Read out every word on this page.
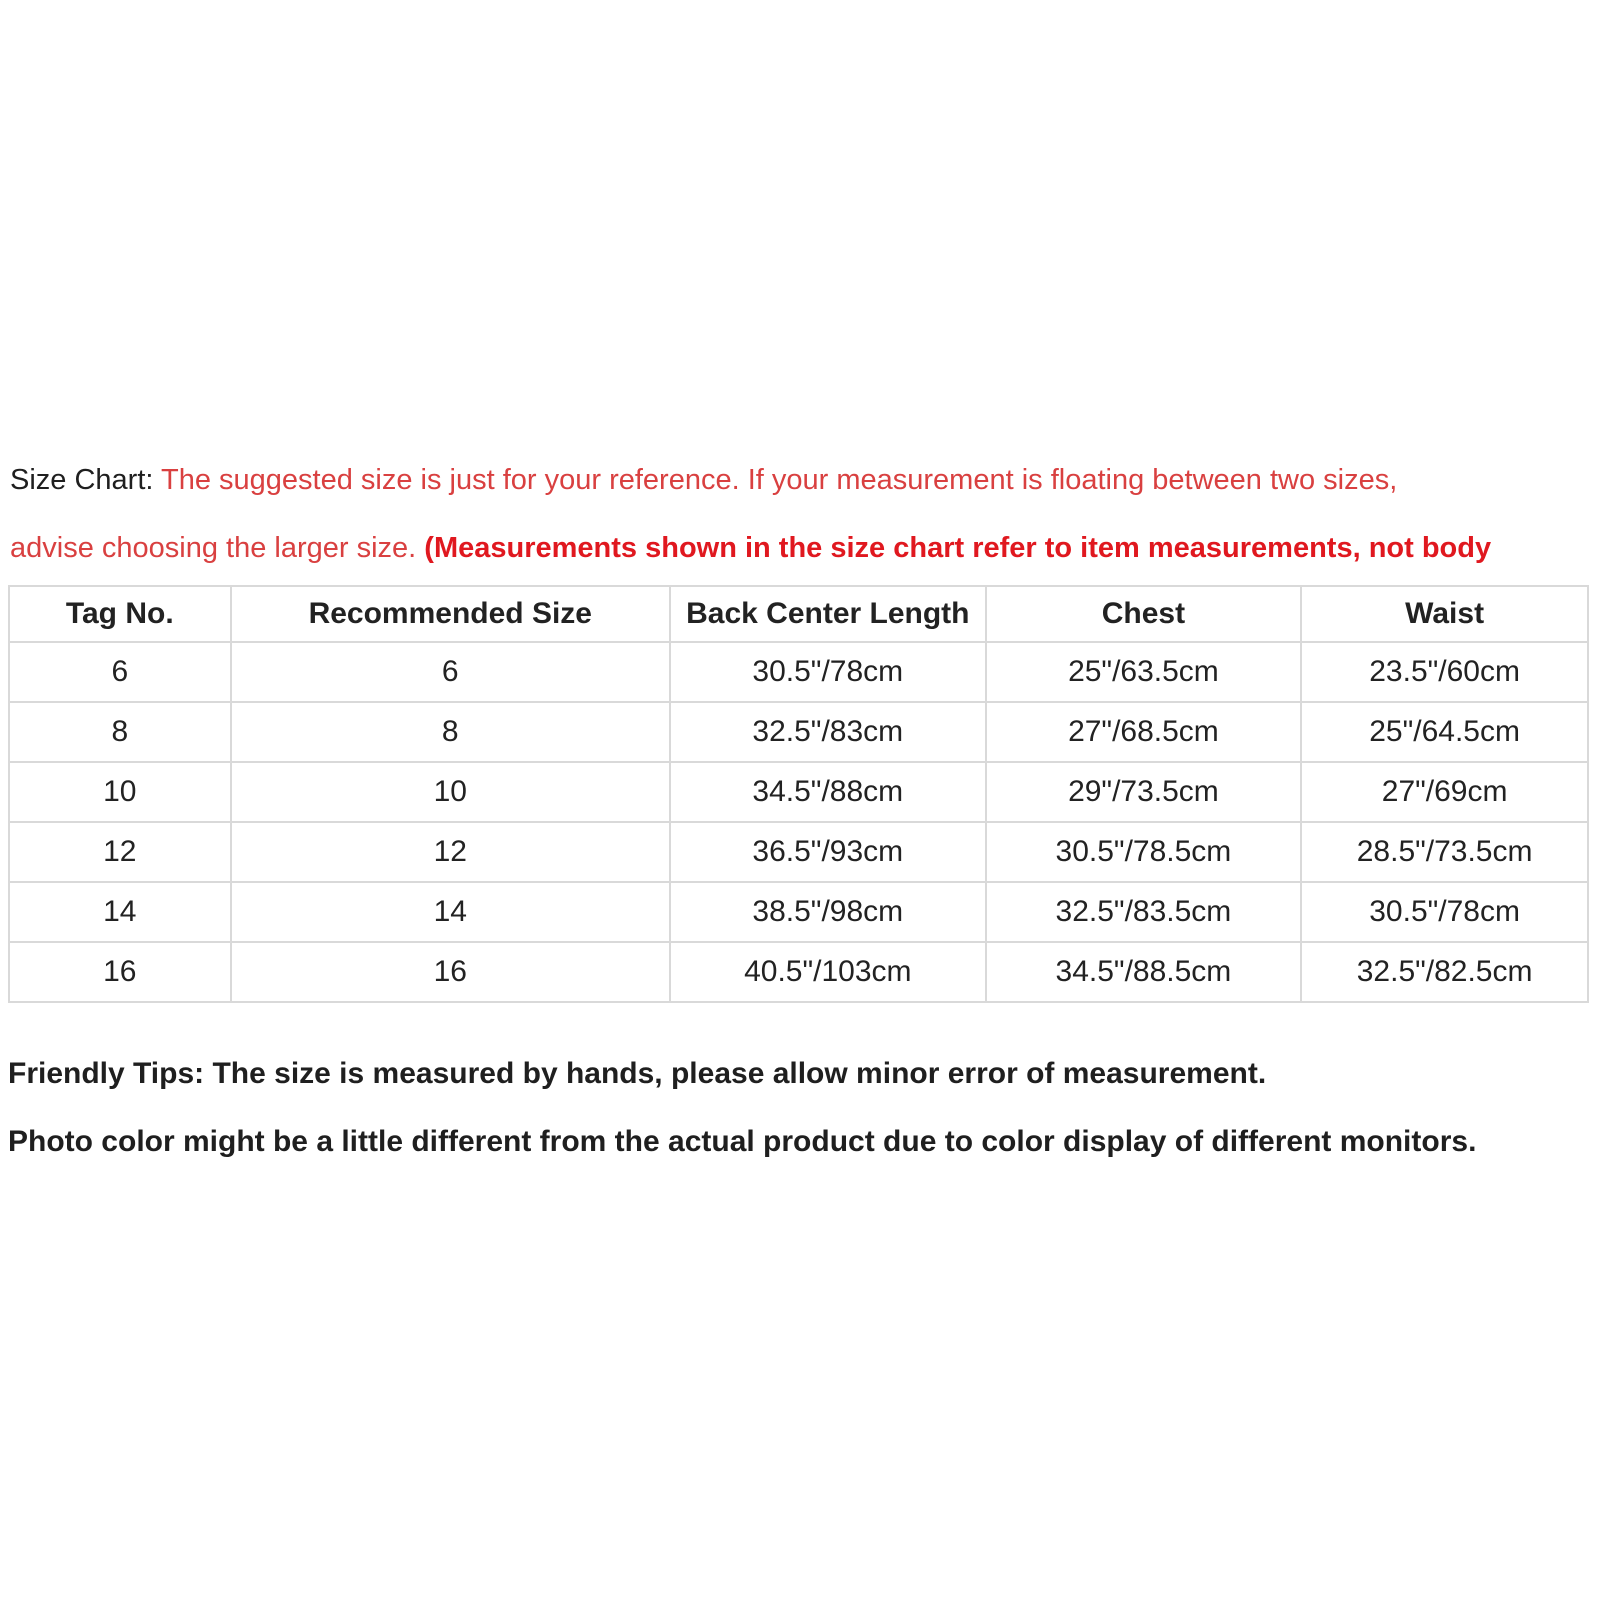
Size Chart: The suggested size is just for your reference. If your measurement is floating between two sizes,
advise choosing the larger size. (Measurements shown in the size chart refer to item measurements, not body
Tag No.	Recommended Size	Back Center Length	Chest	Waist
6	6	30.5"/78cm	25"/63.5cm	23.5"/60cm
8	8	32.5"/83cm	27"/68.5cm	25"/64.5cm
10	10	34.5"/88cm	29"/73.5cm	27"/69cm
12	12	36.5"/93cm	30.5"/78.5cm	28.5"/73.5cm
14	14	38.5"/98cm	32.5"/83.5cm	30.5"/78cm
16	16	40.5"/103cm	34.5"/88.5cm	32.5"/82.5cm
Friendly Tips: The size is measured by hands, please allow minor error of measurement.
Photo color might be a little different from the actual product due to color display of different monitors.
